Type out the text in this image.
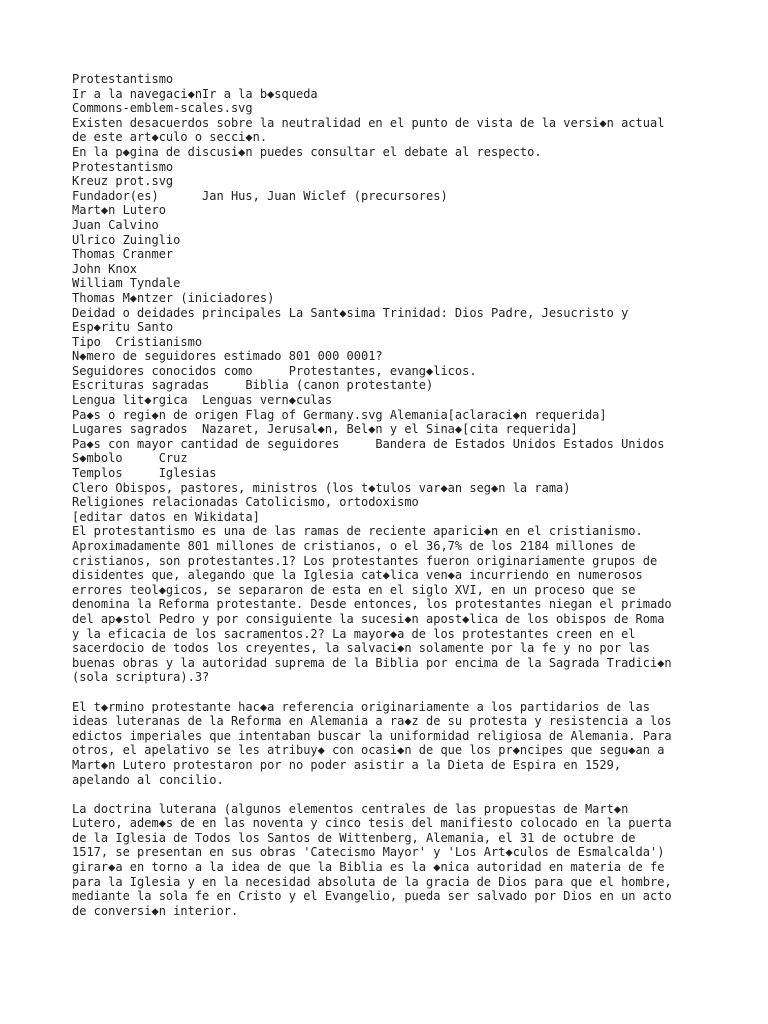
Protestantismo
Ir a la navegaci◆nIr a la b◆squeda
Commons-emblem-scales.svg
Existen desacuerdos sobre la neutralidad en el punto de vista de la versi◆n actual
de este art◆culo o secci◆n.
En la p◆gina de discusi◆n puedes consultar el debate al respecto.
Protestantismo
Kreuz prot.svg
Fundador(es)      Jan Hus, Juan Wiclef (precursores)
Mart◆n Lutero
Juan Calvino
Ulrico Zuinglio
Thomas Cranmer
John Knox
William Tyndale
Thomas M◆ntzer (iniciadores)
Deidad o deidades principales La Sant◆sima Trinidad: Dios Padre, Jesucristo y
Esp◆ritu Santo
Tipo  Cristianismo
N◆mero de seguidores estimado 801 000 0001?
Seguidores conocidos como     Protestantes, evang◆licos.
Escrituras sagradas     Biblia (canon protestante)
Lengua lit◆rgica  Lenguas vern◆culas
Pa◆s o regi◆n de origen Flag of Germany.svg Alemania[aclaraci◆n requerida]
Lugares sagrados  Nazaret, Jerusal◆n, Bel◆n y el Sina◆[cita requerida]
Pa◆s con mayor cantidad de seguidores     Bandera de Estados Unidos Estados Unidos
S◆mbolo     Cruz
Templos     Iglesias
Clero Obispos, pastores, ministros (los t◆tulos var◆an seg◆n la rama)
Religiones relacionadas Catolicismo, ortodoxismo
[editar datos en Wikidata]
El protestantismo es una de las ramas de reciente aparici◆n en el cristianismo.
Aproximadamente 801 millones de cristianos, o el 36,7% de los 2184 millones de
cristianos, son protestantes.1? Los protestantes fueron originariamente grupos de
disidentes que, alegando que la Iglesia cat◆lica ven◆a incurriendo en numerosos
errores teol◆gicos, se separaron de esta en el siglo XVI, en un proceso que se
denomina la Reforma protestante. Desde entonces, los protestantes niegan el primado
del ap◆stol Pedro y por consiguiente la sucesi◆n apost◆lica de los obispos de Roma
y la eficacia de los sacramentos.2? La mayor◆a de los protestantes creen en el
sacerdocio de todos los creyentes, la salvaci◆n solamente por la fe y no por las
buenas obras y la autoridad suprema de la Biblia por encima de la Sagrada Tradici◆n
(sola scriptura).3?
El t◆rmino protestante hac◆a referencia originariamente a los partidarios de las
ideas luteranas de la Reforma en Alemania a ra◆z de su protesta y resistencia a los
edictos imperiales que intentaban buscar la uniformidad religiosa de Alemania. Para
otros, el apelativo se les atribuy◆ con ocasi◆n de que los pr◆ncipes que segu◆an a
Mart◆n Lutero protestaron por no poder asistir a la Dieta de Espira en 1529,
apelando al concilio.
La doctrina luterana (algunos elementos centrales de las propuestas de Mart◆n
Lutero, adem◆s de en las noventa y cinco tesis del manifiesto colocado en la puerta
de la Iglesia de Todos los Santos de Wittenberg, Alemania, el 31 de octubre de
1517, se presentan en sus obras 'Catecismo Mayor' y 'Los Art◆culos de Esmalcalda')
girar◆a en torno a la idea de que la Biblia es la ◆nica autoridad en materia de fe
para la Iglesia y en la necesidad absoluta de la gracia de Dios para que el hombre,
mediante la sola fe en Cristo y el Evangelio, pueda ser salvado por Dios en un acto
de conversi◆n interior.
